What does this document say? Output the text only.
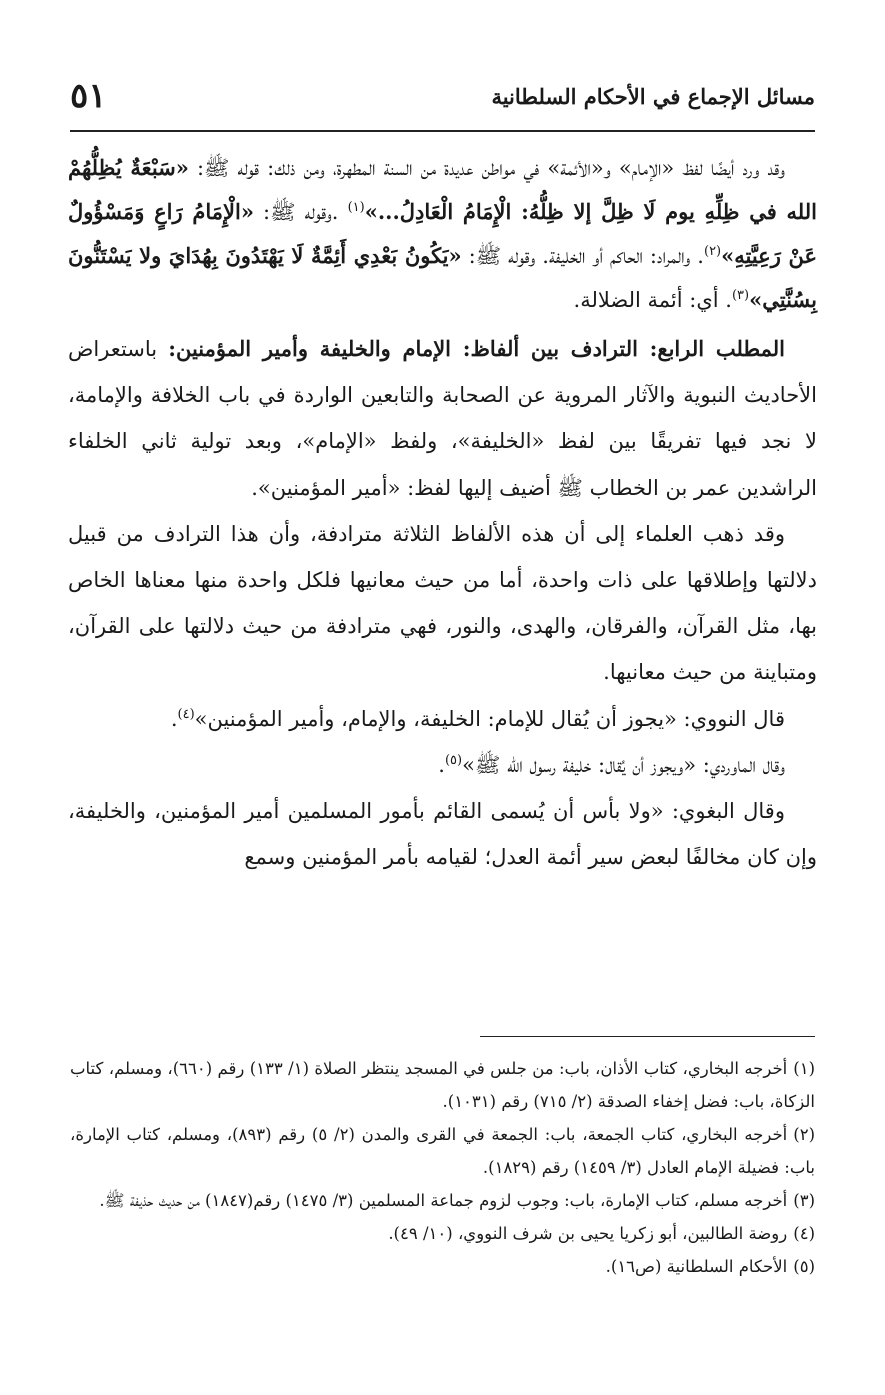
مسائل الإجماع في الأحكام السلطانية
٥١

وقد ورد أيضًا لفظ «الإمام» و«الأئمة» في مواطن عديدة من السنة المطهرة، ومن ذلك: قوله ﷺ: «سَبْعَةٌ يُظِلُّهُمْ الله في ظِلِّهِ يوم لَا ظِلَّ إلا ظِلُّهُ: الْإِمَامُ الْعَادِلُ...»$^{(١)}$ .وقوله ﷺ: «الْإِمَامُ رَاعٍ وَمَسْؤُولٌ عَنْ رَعِيَّتِهِ»$^{(٢)}$. والمراد: الحاكم أو الخليفة. وقوله ﷺ: «يَكُونُ بَعْدِي أَئِمَّةٌ لَا يَهْتَدُونَ بِهُدَايَ ولا يَسْتَنُّونَ بِسُنَّتِي»$^{(٣)}$. أي: أئمة الضلالة.

المطلب الرابع: الترادف بين ألفاظ: الإمام والخليفة وأمير المؤمنين: باستعراض الأحاديث النبوية والآثار المروية عن الصحابة والتابعين الواردة في باب الخلافة والإمامة، لا نجد فيها تفريقًا بين لفظ «الخليفة»، ولفظ «الإمام»، وبعد تولية ثاني الخلفاء الراشدين عمر بن الخطاب ﷺ أضيف إليها لفظ: «أمير المؤمنين».

وقد ذهب العلماء إلى أن هذه الألفاظ الثلاثة مترادفة، وأن هذا الترادف من قبيل دلالتها وإطلاقها على ذات واحدة، أما من حيث معانيها فلكل واحدة منها معناها الخاص بها، مثل القرآن، والفرقان، والهدى، والنور، فهي مترادفة من حيث دلالتها على القرآن، ومتباينة من حيث معانيها.

قال النووي: «يجوز أن يُقال للإمام: الخليفة، والإمام، وأمير المؤمنين»$^{(٤)}$.

وقال الماوردي: «ويجوز أن يُقال: خليفة رسول الله ﷺ»$^{(٥)}$.

وقال البغوي: «ولا بأس أن يُسمى القائم بأمور المسلمين أمير المؤمنين، والخليفة، وإن كان مخالفًا لبعض سير أئمة العدل؛ لقيامه بأمر المؤمنين وسمع

(١)أخرجه البخاري، كتاب الأذان، باب: من جلس في المسجد ينتظر الصلاة (١/ ١٣٣) رقم (٦٦٠)، ومسلم، كتاب الزكاة، باب: فضل إخفاء الصدقة (٢/ ٧١٥) رقم (١٠٣١).

(٢)أخرجه البخاري، كتاب الجمعة، باب: الجمعة في القرى والمدن (٢/ ٥) رقم (٨٩٣)، ومسلم، كتاب الإمارة، باب: فضيلة الإمام العادل (٣/ ١٤٥٩) رقم (١٨٢٩).

(٣)أخرجه مسلم، كتاب الإمارة، باب: وجوب لزوم جماعة المسلمين (٣/ ١٤٧٥) رقم(١٨٤٧) من حديث حذيفة ﷺ.

(٤)روضة الطالبين، أبو زكريا يحيى بن شرف النووي، (١٠/ ٤٩).

(٥)الأحكام السلطانية (ص١٦).
